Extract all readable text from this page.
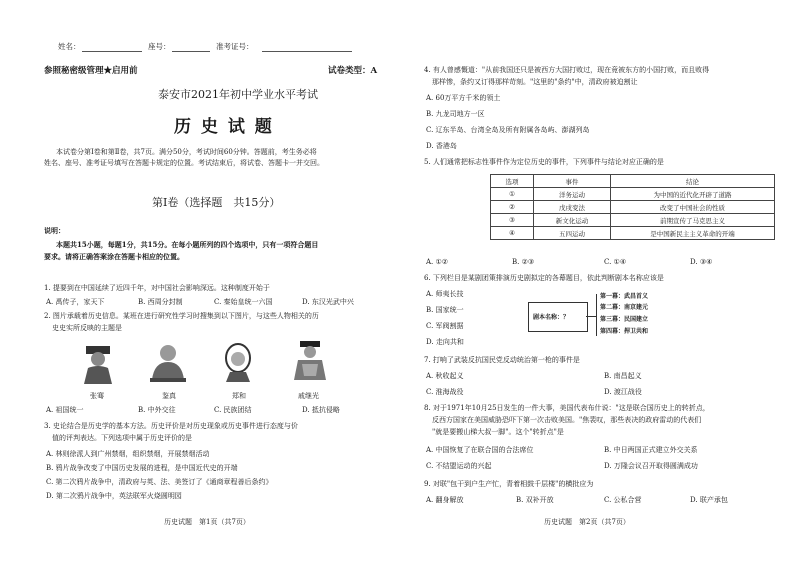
姓名：	座号：	准考证号：
参照秘密级管理★启用前	试卷类型：A
泰安市2021年初中学业水平考试
历 史 试 题
本试卷分第Ⅰ卷和第Ⅱ卷，共7页。满分50分，考试时间60分钟。答题前，考生务必将
姓名、座号、准考证号填写在答题卡规定的位置。考试结束后，将试卷、答题卡一并交回。
第Ⅰ卷（选择题　共15分）
说明：
本题共15小题，每题1分，共15分。在每小题所列的四个选项中，只有一项符合题目
要求。请将正确答案涂在答题卡相应的位置。
1. 提要到在中国延续了近四千年，对中国社会影响深远。这种制度开始于
A. 禹传子，家天下	B. 西周分封制	C. 秦始皇统一六国	D. 东汉光武中兴
2. 图片承载着历史信息。某班在进行研究性学习时搜集到以下图片，与这些人物相关的历
史史实所反映的主题是
张骞	鉴真	郑和	戚继光
A. 祖国统一	B. 中外交往	C. 民族团结	D. 抵抗侵略
3. 史论结合是历史学的基本方法。历史评价是对历史现象或历史事件进行态度与价
值的评判表达。下列选项中属于历史评价的是
A. 林则徐派人到广州禁烟，组织禁烟，开展禁烟活动
B. 鸦片战争改变了中国历史发展的进程，是中国近代史的开端
C. 第二次鸦片战争中，清政府与英、法、美签订了《通商章程善后条约》
D. 第二次鸦片战争中，英法联军火烧圆明园
历史试题　第1页（共7页）
4. 有人曾感慨道："从前我国还只是被西方大国打败过，现在竟被东方的小国打败，而且败得
那样惨，条约又订得那样苛刻。"这里的"条约"中，清政府被迫割让
A. 60万平方千米的领土
B. 九龙司地方一区
C. 辽东半岛、台湾全岛及所有附属各岛屿、澎湖列岛
D. 香港岛
5. 人们通常把标志性事件作为定位历史的事件，下列事件与结论对应正确的是
选项	事件	结论
①	洋务运动	为中国的近代化开辟了道路
②	戊戌变法	改变了中国社会的性质
③	新文化运动	前期宣传了马克思主义
④	五四运动	是中国新民主主义革命的开端
A. ①②	B. ②③	C. ①④	D. ③④
6. 下列栏目是某剧团策排演历史剧拟定的各幕题目，依此判断剧本名称应该是
A. 师夷长技
B. 国家统一
C. 军阀割据
D. 走向共和
剧本名称：？
第一幕：武昌首义
第二幕：南京建元
第三幕：民国建立
第四幕：捍卫共和
7. 打响了武装反抗国民党反动统治第一枪的事件是
A. 秋收起义	B. 南昌起义
C. 淮海战役	D. 渡江战役
8. 对于1971年10月25日发生的一件大事，美国代表布什说："这是联合国历史上的转折点，
反西方国家在美国威胁恐吓下第一次击败美国。"焦裴叹，那些表决的政府雷动的代表们
"就是要搬山梯大叔一脚"。这个"转折点"是
A. 中国恢复了在联合国的合法席位	B. 中日两国正式建立外交关系
C. 不结盟运动的兴起	D. 万隆会议召开取得圆满成功
9. 对联"包干到户生产忙，青着相鼓千层楼"的横批应为
A. 翻身解放	B. 双补开放	C. 公私合营	D. 联产承包
历史试题　第2页（共7页）
